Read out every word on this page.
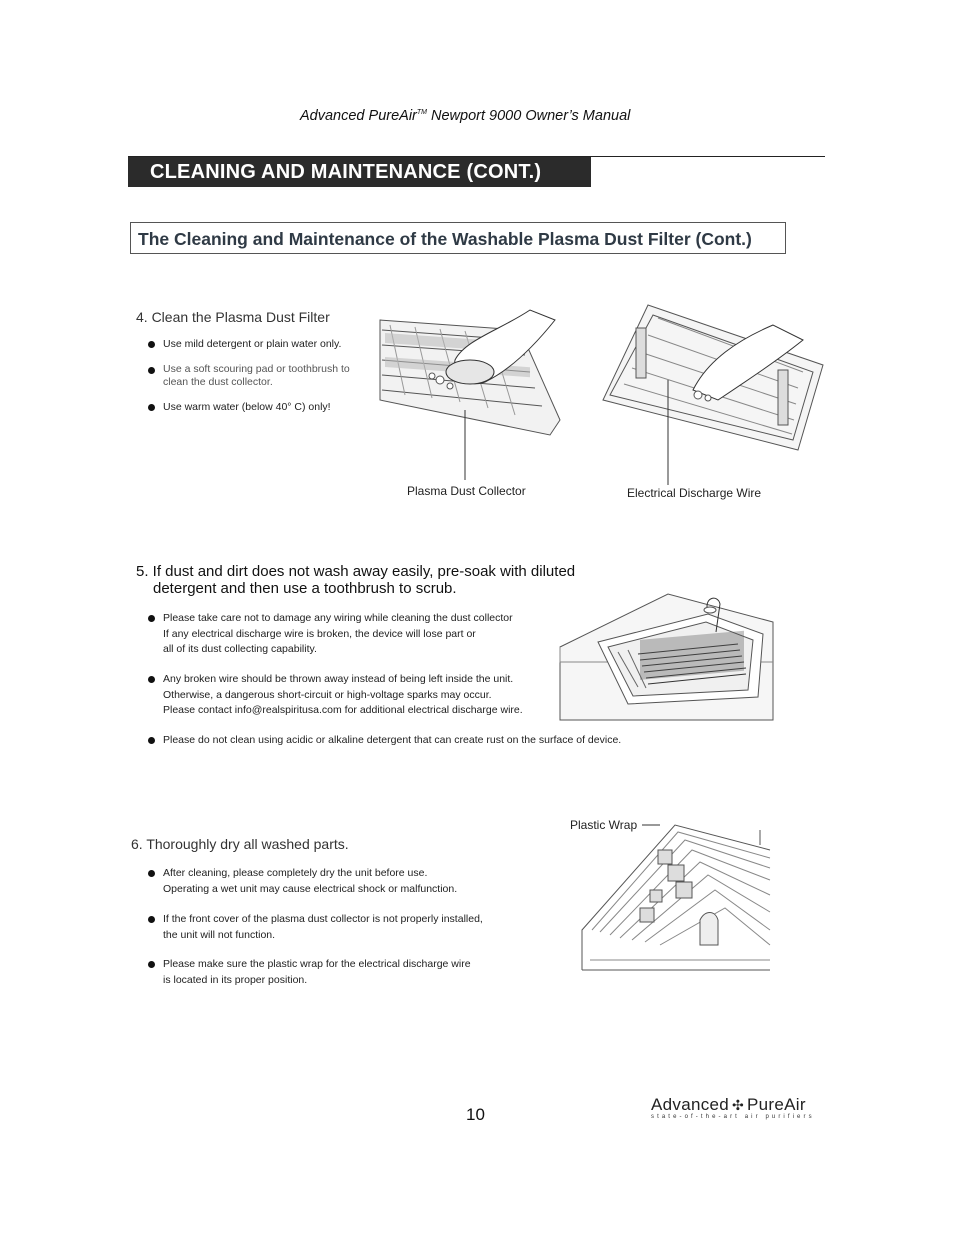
Advanced PureAir™ Newport 9000 Owner’s Manual
CLEANING AND MAINTENANCE (CONT.)
The Cleaning and Maintenance of the Washable Plasma Dust Filter (Cont.)
4. Clean the Plasma Dust Filter
Use mild detergent or plain water only.
Use a soft scouring pad or toothbrush to
clean the dust collector.
Use warm water (below 40° C) only!
Plasma Dust Collector	Electrical Discharge Wire
5. If dust and dirt does not wash away easily, pre-soak with diluted
detergent and then use a toothbrush to scrub.
Please take care not to damage any wiring while cleaning the dust collector
If any electrical discharge wire is broken, the device will lose part or
all of its dust collecting capability.
Any broken wire should be thrown away instead of being left inside the unit.
Otherwise, a dangerous short-circuit or high-voltage sparks may occur.
Please contact info@realspiritusa.com for additional electrical discharge wire.
Please do not clean using acidic or alkaline detergent that can create rust on the surface of device.
6. Thoroughly dry all washed parts.
After cleaning, please completely dry the unit before use.
Operating a wet unit may cause electrical shock or malfunction.
If the front cover of the plasma dust collector is not properly installed,
the unit will not function.
Please make sure the plastic wrap for the electrical discharge wire
is located in its proper position.
Plastic Wrap
10
Advanced ✣ PureAir
state-of-the-art air purifiers
